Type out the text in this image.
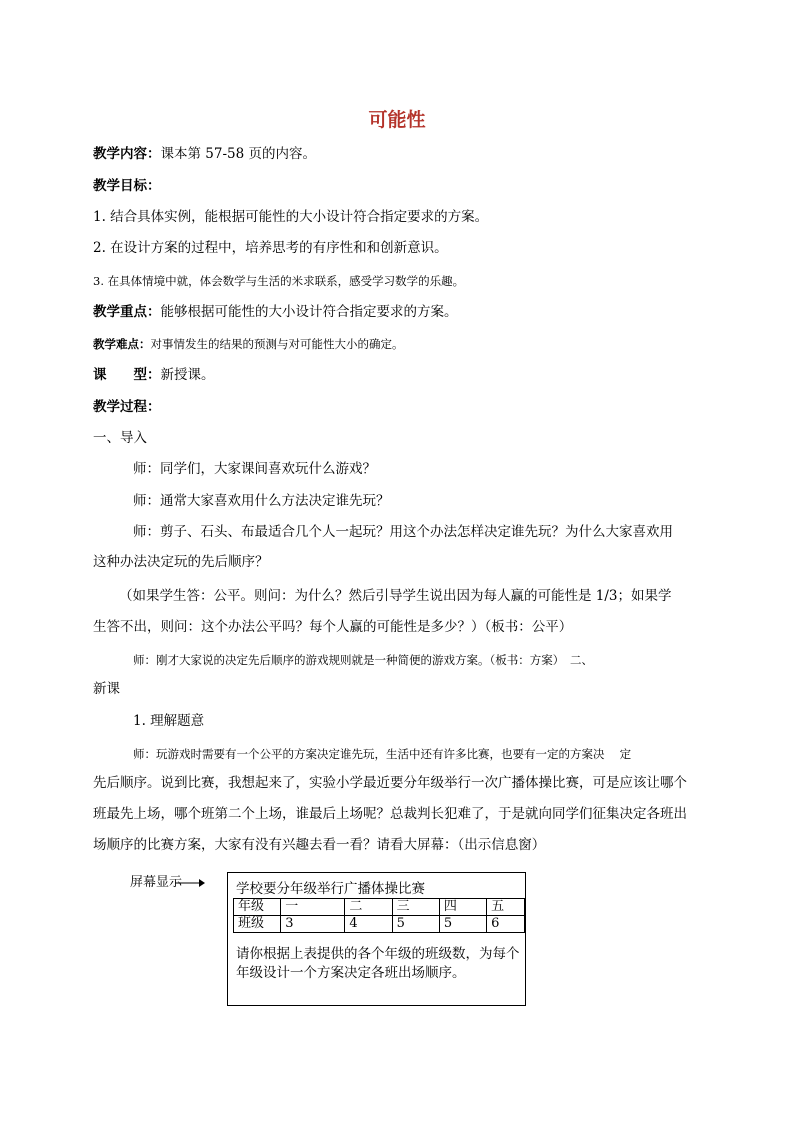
可能性
教学内容：课本第 57-58 页的内容。
教学目标：
1. 结合具体实例，能根据可能性的大小设计符合指定要求的方案。
2. 在设计方案的过程中，培养思考的有序性和和创新意识。
3. 在具体情境中就，体会数学与生活的米求联系，感受学习数学的乐趣。
教学重点：能够根据可能性的大小设计符合指定要求的方案。
教学难点：对事情发生的结果的预测与对可能性大小的确定。
课　　型：新授课。
教学过程：
一、导入
师：同学们，大家课间喜欢玩什么游戏？
师：通常大家喜欢用什么方法决定谁先玩？
师：剪子、石头、布最适合几个人一起玩？用这个办法怎样决定谁先玩？为什么大家喜欢用
这种办法决定玩的先后顺序？
（如果学生答：公平。则问：为什么？然后引导学生说出因为每人赢的可能性是 1/3；如果学
生答不出，则问：这个办法公平吗？每个人赢的可能性是多少？）（板书：公平）
师：刚才大家说的决定先后顺序的游戏规则就是一种简便的游戏方案。（板书：方案）　二、
新课
1. 理解题意
师：玩游戏时需要有一个公平的方案决定谁先玩，生活中还有许多比赛，也要有一定的方案决　 定
先后顺序。说到比赛，我想起来了，实验小学最近要分年级举行一次广播体操比赛，可是应该让哪个
班最先上场，哪个班第二个上场，谁最后上场呢？总裁判长犯难了，于是就向同学们征集决定各班出
场顺序的比赛方案，大家有没有兴趣去看一看？请看大屏幕：（出示信息窗）
屏幕显示	学校要分年级举行广播体操比赛
年级	一	二	三	四	五
班级	3	4	5	5	6
请你根据上表提供的各个年级的班级数，为每个年级设计一个方案决定各班出场顺序。
